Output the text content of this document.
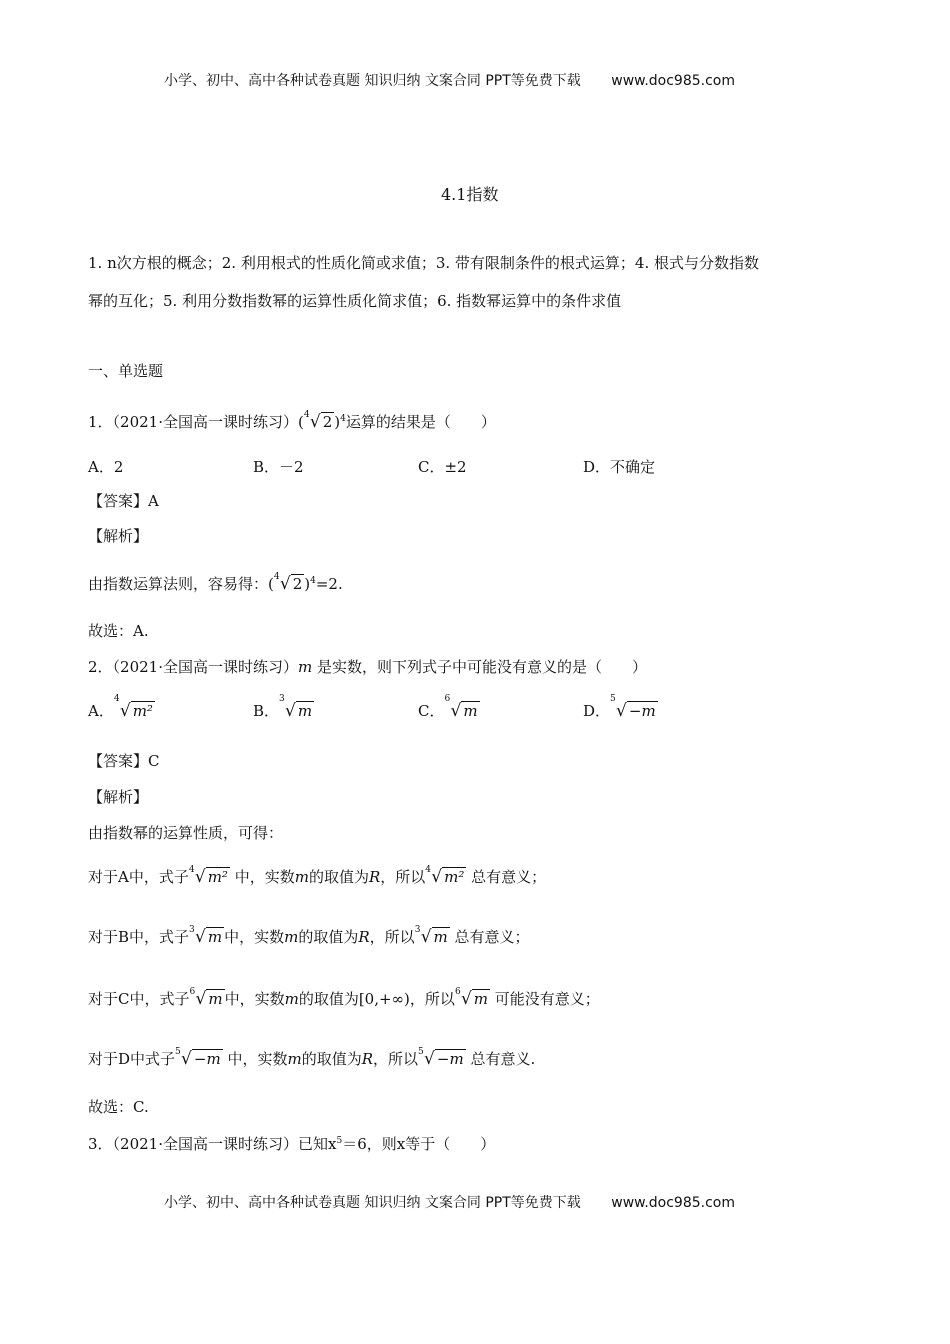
小学、初中、高中各种试卷真题 知识归纳 文案合同 PPT等免费下载 www.doc985.com
4.1指数
1. n次方根的概念；2. 利用根式的性质化简或求值；3. 带有限制条件的根式运算；4. 根式与分数指数
幂的互化；5. 利用分数指数幂的运算性质化简求值；6. 指数幂运算中的条件求值
一、单选题
1．（2021·全国高一课时练习）( 4 √ 2 )$^4$运算的结果是（　　）
A．2	B．－2	C．±2	D．不确定
【答案】A
【解析】
由指数运算法则，容易得：( 4 √ 2 )$^4$=2.
故选：A.
2．（2021·全国高一课时练习）m 是实数，则下列式子中可能没有意义的是（　　）
A．
4
√ m²	B．
3
√ m	C．
6
√ m	D．
5
√ −m
【答案】C
【解析】
由指数幂的运算性质，可得：
对于A中，式子 4 √ m² 中，实数m的取值为R，所以 4 √ m² 总有意义；
对于B中，式子 3 √ m 中，实数m的取值为R，所以 3 √ m 总有意义；
对于C中，式子 6 √ m 中，实数m的取值为[0,+∞)，所以 6 √ m 可能没有意义；
对于D中式子 5 √ −m 中，实数m的取值为R，所以 5 √ −m 总有意义.
故选：C.
3．（2021·全国高一课时练习）已知$x^5=6$，则x等于（　　）
小学、初中、高中各种试卷真题 知识归纳 文案合同 PPT等免费下载 www.doc985.com
